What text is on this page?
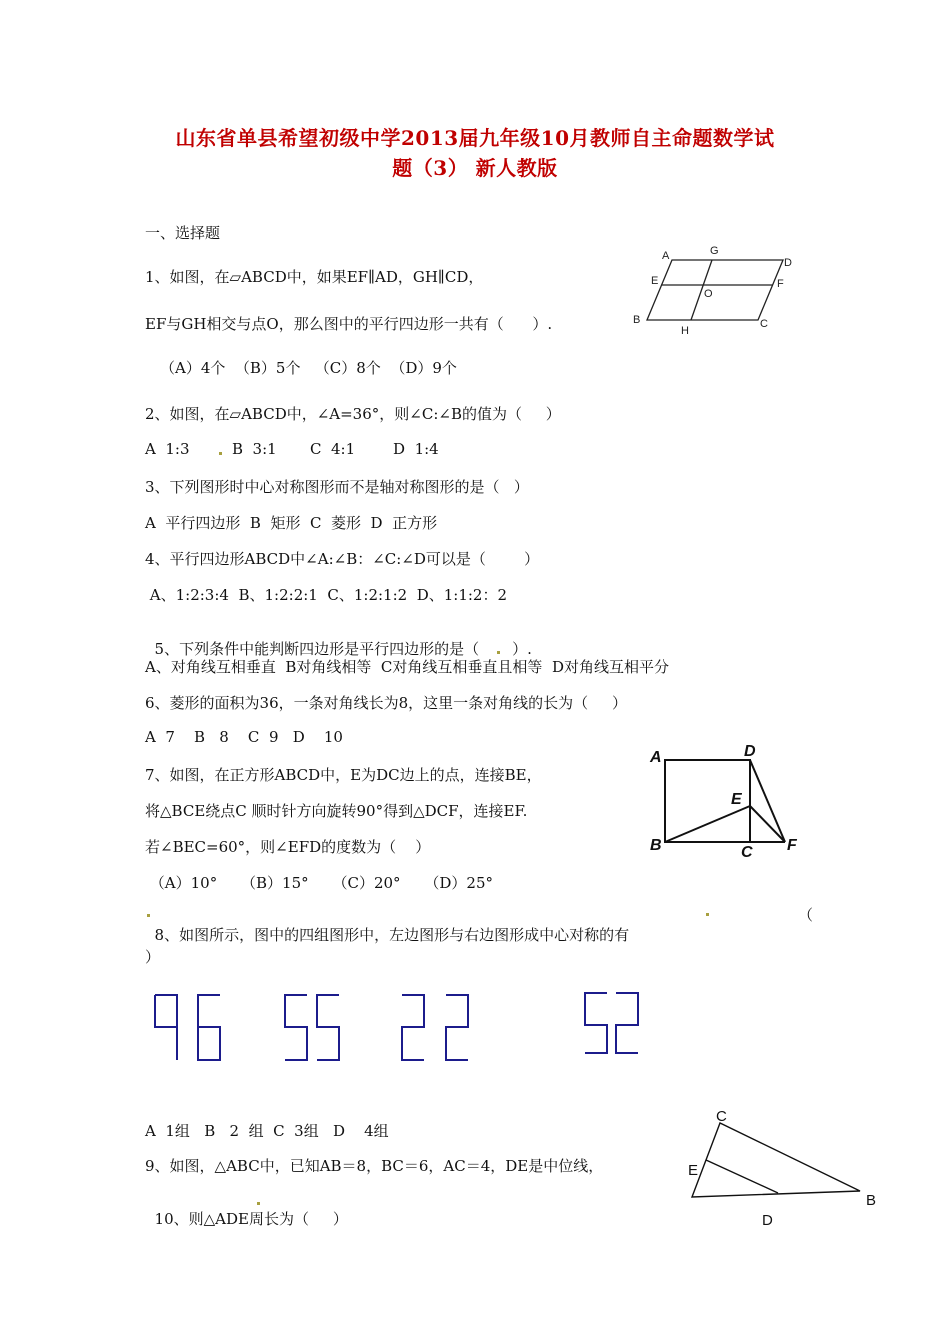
山东省单县希望初级中学2013届九年级10月教师自主命题数学试
题（3） 新人教版
一、选择题
1、如图，在▱ABCD中，如果EF∥AD，GH∥CD，
EF与GH相交与点O，那么图中的平行四边形一共有（      ）.
（A）4个  （B）5个   （C）8个  （D）9个
A	G
D
E
O
F
B
H
C
2、如图，在▱ABCD中，∠A=36°，则∠C:∠B的值为（     ）
A  1:3	B  3:1 C  4:1	D  1:4
3、下列图形时中心对称图形而不是轴对称图形的是（   ）
A  平行四边形  B  矩形  C  菱形  D  正方形
4、平行四边形ABCD中∠A:∠B：∠C:∠D可以是（        ）
A、1:2:3:4  B、1:2:2:1  C、1:2:1:2  D、1:1:2：2

5、下列条件中能判断四边形是平行四边形的是（ ）.

A、对角线互相垂直  B对角线相等  C对角线互相垂直且相等  D对角线互相平分
6、菱形的面积为36，一条对角线长为8，这里一条对角线的长为（     ）
A  7    B   8    C  9   D    10
7、如图，在正方形ABCD中，E为DC边上的点，连接BE，
将△BCE绕点C 顺时针方向旋转90°得到△DCF，连接EF.
若∠BEC=60°，则∠EFD的度数为（    ）
（A）10°     （B）15°     （C）20°     （D）25°
A	D
E
B	C F

8、如图所示，图中的四组图形中，左边图形与右边图形成中心对称的有

（
）
A  1组   B   2  组  C  3组   D    4组
9、如图，△ABC中，已知AB＝8，BC＝6，AC＝4，DE是中位线，

10、则△ADE周长为（     ）

C
E
B
D
